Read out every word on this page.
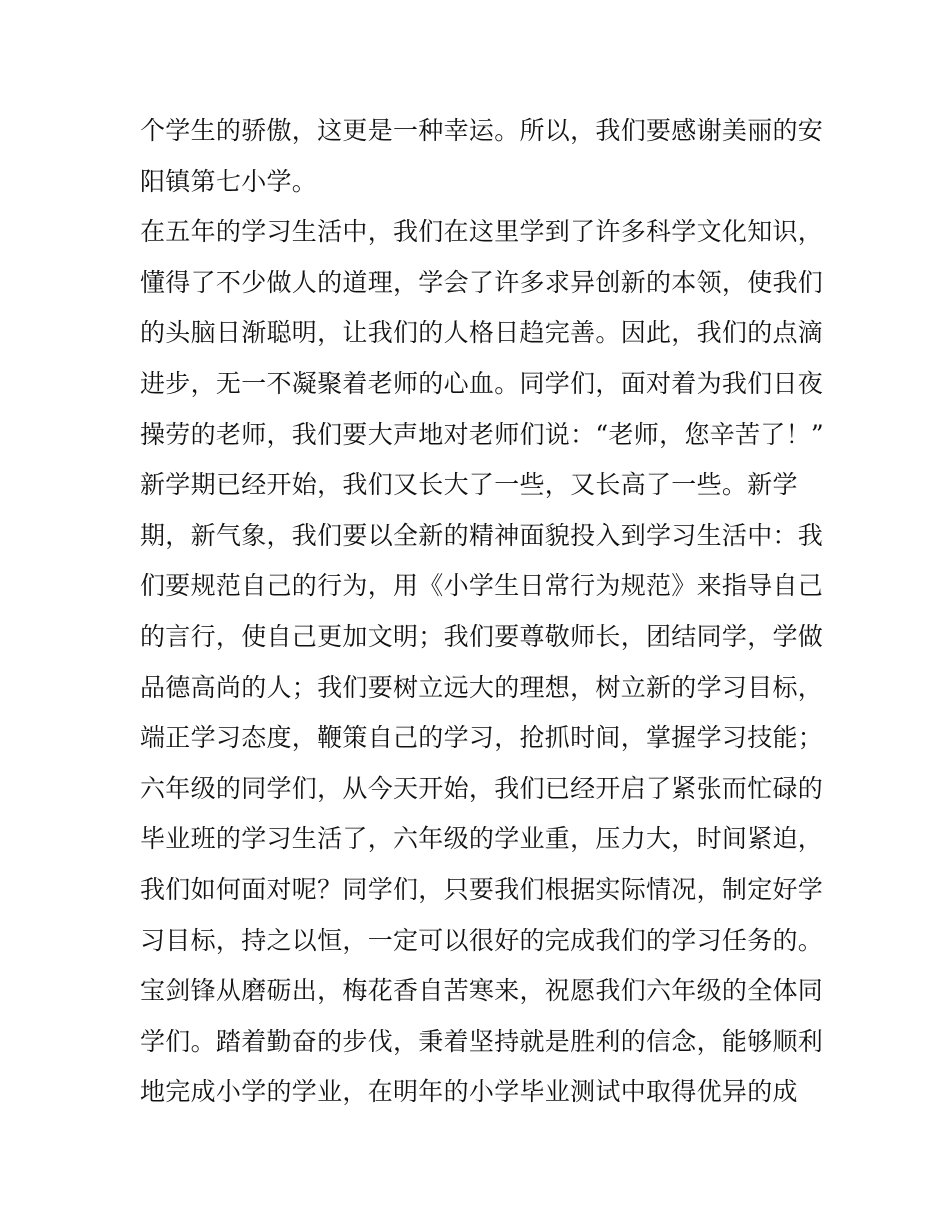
个学生的骄傲，这更是一种幸运。所以，我们要感谢美丽的安
阳镇第七小学。
在五年的学习生活中，我们在这里学到了许多科学文化知识，
懂得了不少做人的道理，学会了许多求异创新的本领，使我们
的头脑日渐聪明，让我们的人格日趋完善。因此，我们的点滴
进步，无一不凝聚着老师的心血。同学们，面对着为我们日夜
操劳的老师，我们要大声地对老师们说：“老师，您辛苦了！”
新学期已经开始，我们又长大了一些，又长高了一些。新学
期，新气象，我们要以全新的精神面貌投入到学习生活中：我
们要规范自己的行为，用《小学生日常行为规范》来指导自己
的言行，使自己更加文明；我们要尊敬师长，团结同学，学做
品德高尚的人；我们要树立远大的理想，树立新的学习目标，
端正学习态度，鞭策自己的学习，抢抓时间，掌握学习技能；
六年级的同学们，从今天开始，我们已经开启了紧张而忙碌的
毕业班的学习生活了，六年级的学业重，压力大，时间紧迫，
我们如何面对呢？同学们，只要我们根据实际情况，制定好学
习目标，持之以恒，一定可以很好的完成我们的学习任务的。
宝剑锋从磨砺出，梅花香自苦寒来，祝愿我们六年级的全体同
学们。踏着勤奋的步伐，秉着坚持就是胜利的信念，能够顺利
地完成小学的学业，在明年的小学毕业测试中取得优异的成
